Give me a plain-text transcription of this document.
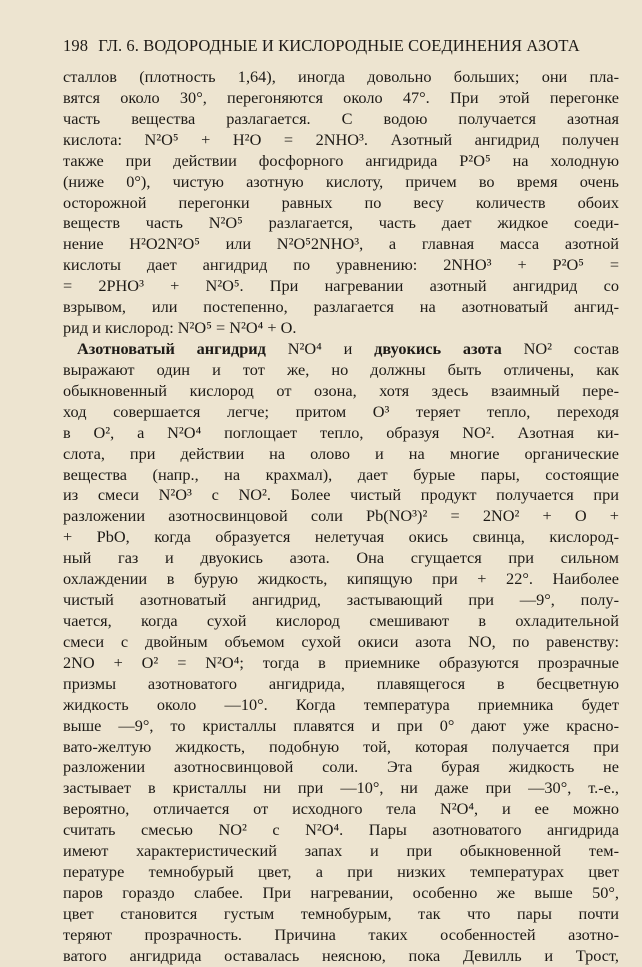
198 ГЛ. 6. ВОДОРОДНЫЕ И КИСЛОРОДНЫЕ СОЕДИНЕНИЯ АЗОТА
сталлов (плотность 1,64), иногда довольно больших; они пла-
вятся около 30°, перегоняются около 47°. При этой перегонке
часть вещества разлагается. С водою получается азотная
кислота: N²O⁵ + H²O = 2NHO³. Азотный ангидрид получен
также при действии фосфорного ангидрида P²O⁵ на холодную
(ниже 0°), чистую азотную кислоту, причем во время очень
осторожной перегонки равных по весу количеств обоих
веществ часть N²O⁵ разлагается, часть дает жидкое соеди-
нение H²O2N²O⁵ или N²O⁵2NHO³, а главная масса азотной
кислоты дает ангидрид по уравнению: 2NHO³ + P²O⁵ =
= 2PHO³ + N²O⁵. При нагревании азотный ангидрид со
взрывом, или постепенно, разлагается на азотноватый ангид-
рид и кислород: N²O⁵ = N²O⁴ + O.
Азотноватый ангидрид N²O⁴ и двуокись азота NO² состав
выражают один и тот же, но должны быть отличены, как
обыкновенный кислород от озона, хотя здесь взаимный пере-
ход совершается легче; притом O³ теряет тепло, переходя
в O², а N²O⁴ поглощает тепло, образуя NO². Азотная ки-
слота, при действии на олово и на многие органические
вещества (напр., на крахмал), дает бурые пары, состоящие
из смеси N²O³ с NO². Более чистый продукт получается при
разложении азотносвинцовой соли Pb(NO³)² = 2NO² + O +
+ PbO, когда образуется нелетучая окись свинца, кислород-
ный газ и двуокись азота. Она сгущается при сильном
охлаждении в бурую жидкость, кипящую при + 22°. Наиболее
чистый азотноватый ангидрид, застывающий при —9°, полу-
чается, когда сухой кислород смешивают в охладительной
смеси с двойным объемом сухой окиси азота NO, по равенству:
2NO + O² = N²O⁴; тогда в приемнике образуются прозрачные
призмы азотноватого ангидрида, плавящегося в бесцветную
жидкость около —10°. Когда температура приемника будет
выше —9°, то кристаллы плавятся и при 0° дают уже красно-
вато-желтую жидкость, подобную той, которая получается при
разложении азотносвинцовой соли. Эта бурая жидкость не
застывает в кристаллы ни при —10°, ни даже при —30°, т.-е.,
вероятно, отличается от исходного тела N²O⁴, и ее можно
считать смесью NO² с N²O⁴. Пары азотноватого ангидрида
имеют характеристический запах и при обыкновенной тем-
пературе темнобурый цвет, а при низких температурах цвет
паров гораздо слабее. При нагревании, особенно же выше 50°,
цвет становится густым темнобурым, так что пары почти
теряют прозрачность. Причина таких особенностей азотно-
ватого ангидрида оставалась неясною, пока Девилль и Трост,
